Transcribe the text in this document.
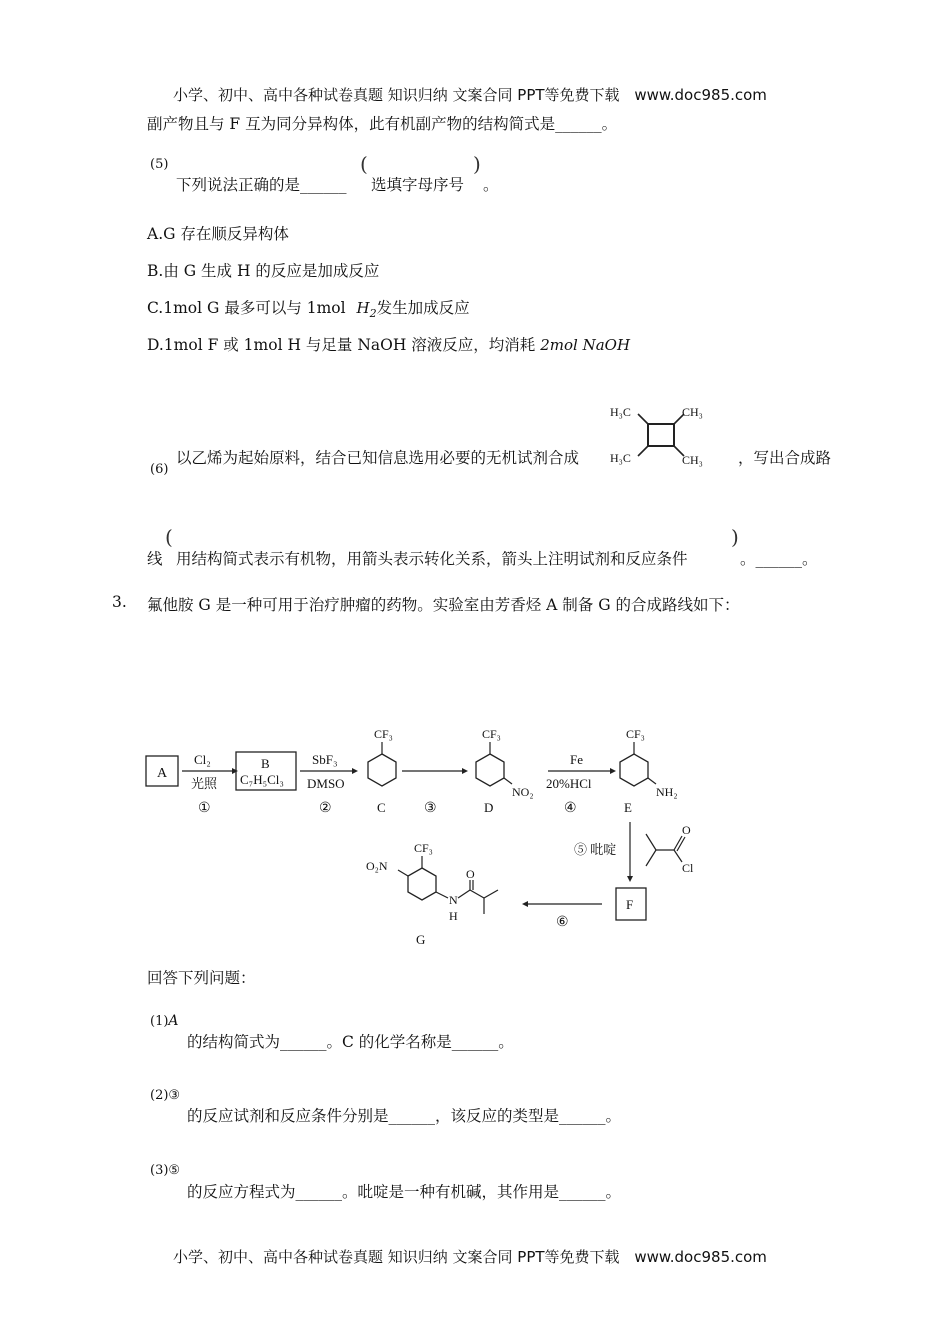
小学、初中、高中各种试卷真题 知识归纳 文案合同 PPT等免费下载 www.doc985.com
副产物且与 F 互为同分异构体，此有机副产物的结构简式是______。
(5)
下列说法正确的是______
(
选填字母序号
)
。
A.G 存在顺反异构体
B.由 G 生成 H 的反应是加成反应
C.1mol G 最多可以与 1mol $H_2$发生加成反应
D.1mol F 或 1mol H 与足量 NaOH 溶液反应，均消耗 2mol NaOH
(6)
以乙烯为起始原料，结合已知信息选用必要的无机试剂合成
H₃C	CH₃
H₃C	CH₃ ，写出合成路
线
(
用结构简式表示有机物，用箭头表示转化关系，箭头上注明试剂和反应条件
)
。______。
3. 氟他胺 G 是一种可用于治疗肿瘤的药物。实验室由芳香烃 A 制备 G 的合成路线如下：
A
Cl₂
光照
①
B
C₇H₅Cl₃
SbF₃
DMSO
②
CF₃
C	③
CF₃
NO₂
D
Fe
20%HCl
④
CF₃
NH₂
E
⑤ 吡啶
O
Cl
F
⑥
CF₃
O₂N
N
H
O
G
回答下列问题：
(1)A
的结构简式为______。C 的化学名称是______。
(2)③
的反应试剂和反应条件分别是______，该反应的类型是______。
(3)⑤
的反应方程式为______。吡啶是一种有机碱，其作用是______。
小学、初中、高中各种试卷真题 知识归纳 文案合同 PPT等免费下载 www.doc985.com
